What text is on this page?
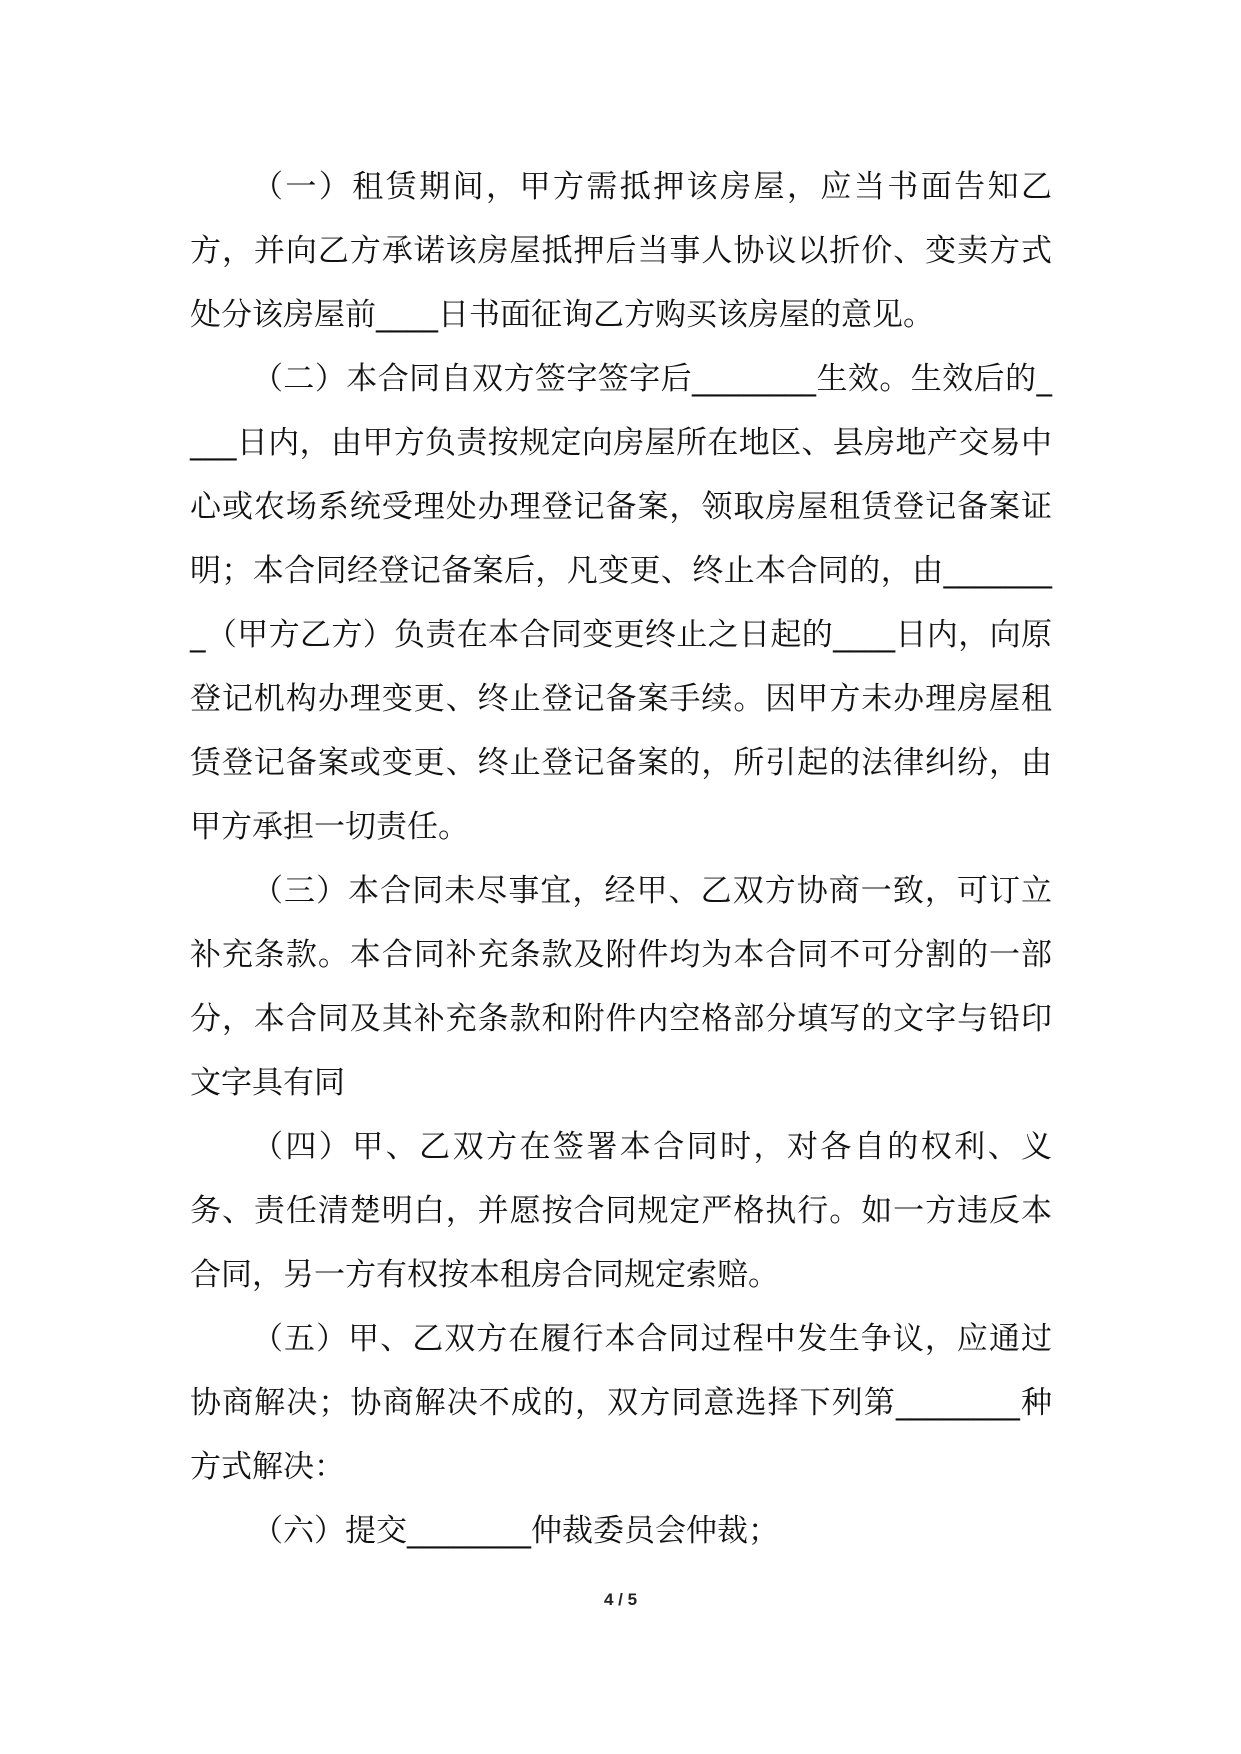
（一）租赁期间，甲方需抵押该房屋，应当书面告知乙方，并向乙方承诺该房屋抵押后当事人协议以折价、变卖方式处分该房屋前____日书面征询乙方购买该房屋的意见。

（二）本合同自双方签字签字后________生效。生效后的____日内，由甲方负责按规定向房屋所在地区、县房地产交易中心或农场系统受理处办理登记备案，领取房屋租赁登记备案证明；本合同经登记备案后，凡变更、终止本合同的，由________（甲方乙方）负责在本合同变更终止之日起的____日内，向原登记机构办理变更、终止登记备案手续。因甲方未办理房屋租赁登记备案或变更、终止登记备案的，所引起的法律纠纷，由甲方承担一切责任。

（三）本合同未尽事宜，经甲、乙双方协商一致，可订立补充条款。本合同补充条款及附件均为本合同不可分割的一部分，本合同及其补充条款和附件内空格部分填写的文字与铅印文字具有同

（四）甲、乙双方在签署本合同时，对各自的权利、义务、责任清楚明白，并愿按合同规定严格执行。如一方违反本合同，另一方有权按本租房合同规定索赔。

（五）甲、乙双方在履行本合同过程中发生争议，应通过协商解决；协商解决不成的，双方同意选择下列第________种方式解决：

（六）提交________仲裁委员会仲裁；

4 / 5
